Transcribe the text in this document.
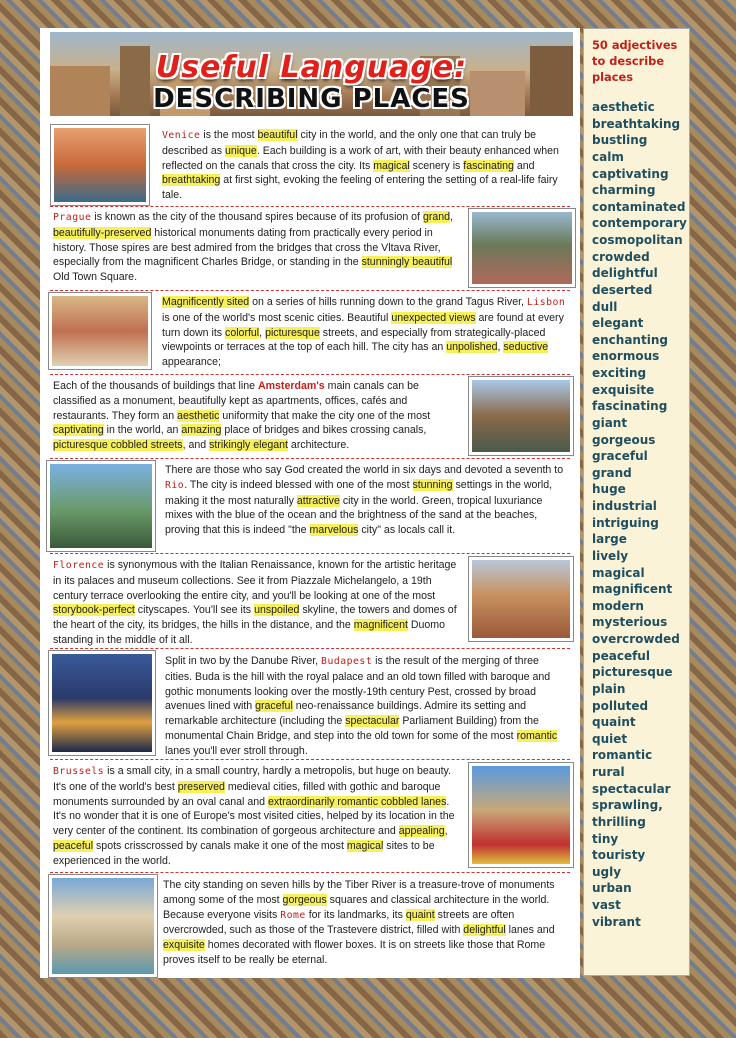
Useful Language:
DESCRIBING PLACES
Venice is the most beautiful city in the world, and the only one that can truly be described as unique. Each building is a work of art, with their beauty enhanced when reflected on the canals that cross the city. Its magical scenery is fascinating and breathtaking at first sight, evoking the feeling of entering the setting of a real-life fairy tale.
Prague is known as the city of the thousand spires because of its profusion of grand, beautifully-preserved historical monuments dating from practically every period in history. Those spires are best admired from the bridges that cross the Vltava River, especially from the magnificent Charles Bridge, or standing in the stunningly beautiful Old Town Square.
Magnificently sited on a series of hills running down to the grand Tagus River, Lisbon is one of the world's most scenic cities. Beautiful unexpected views are found at every turn down its colorful, picturesque streets, and especially from strategically-placed viewpoints or terraces at the top of each hill. The city has an unpolished, seductive appearance;
Each of the thousands of buildings that line Amsterdam's main canals can be classified as a monument, beautifully kept as apartments, offices, cafés and restaurants. They form an aesthetic uniformity that make the city one of the most captivating in the world, an amazing place of bridges and bikes crossing canals, picturesque cobbled streets, and strikingly elegant architecture.
There are those who say God created the world in six days and devoted a seventh to Rio. The city is indeed blessed with one of the most stunning settings in the world, making it the most naturally attractive city in the world. Green, tropical luxuriance mixes with the blue of the ocean and the brightness of the sand at the beaches, proving that this is indeed "the marvelous city" as locals call it.
Florence is synonymous with the Italian Renaissance, known for the artistic heritage in its palaces and museum collections. See it from Piazzale Michelangelo, a 19th century terrace overlooking the entire city, and you'll be looking at one of the most storybook-perfect cityscapes. You'll see its unspoiled skyline, the towers and domes of the heart of the city, its bridges, the hills in the distance, and the magnificent Duomo standing in the middle of it all.
Split in two by the Danube River, Budapest is the result of the merging of three cities. Buda is the hill with the royal palace and an old town filled with baroque and gothic monuments looking over the mostly-19th century Pest, crossed by broad avenues lined with graceful neo-renaissance buildings. Admire its setting and remarkable architecture (including the spectacular Parliament Building) from the monumental Chain Bridge, and step into the old town for some of the most romantic lanes you'll ever stroll through.
Brussels is a small city, in a small country, hardly a metropolis, but huge on beauty. It's one of the world's best preserved medieval cities, filled with gothic and baroque monuments surrounded by an oval canal and extraordinarily romantic cobbled lanes. It's no wonder that it is one of Europe's most visited cities, helped by its location in the very center of the continent. Its combination of gorgeous architecture and appealing, peaceful spots crisscrossed by canals make it one of the most magical sites to be experienced in the world.
The city standing on seven hills by the Tiber River is a treasure-trove of monuments among some of the most gorgeous squares and classical architecture in the world. Because everyone visits Rome for its landmarks, its quaint streets are often overcrowded, such as those of the Trastevere district, filled with delightful lanes and exquisite homes decorated with flower boxes. It is on streets like those that Rome proves itself to be really be eternal.
50 adjectives to describe places
aesthetic
breathtaking
bustling
calm
captivating
charming
contaminated
contemporary
cosmopolitan
crowded
delightful
deserted
dull
elegant
enchanting
enormous
exciting
exquisite
fascinating
giant
gorgeous
graceful
grand
huge
industrial
intriguing
large
lively
magical
magnificent
modern
mysterious
overcrowded
peaceful
picturesque
plain
polluted
quaint
quiet
romantic
rural
spectacular
sprawling,
thrilling
tiny
touristy
ugly
urban
vast
vibrant
